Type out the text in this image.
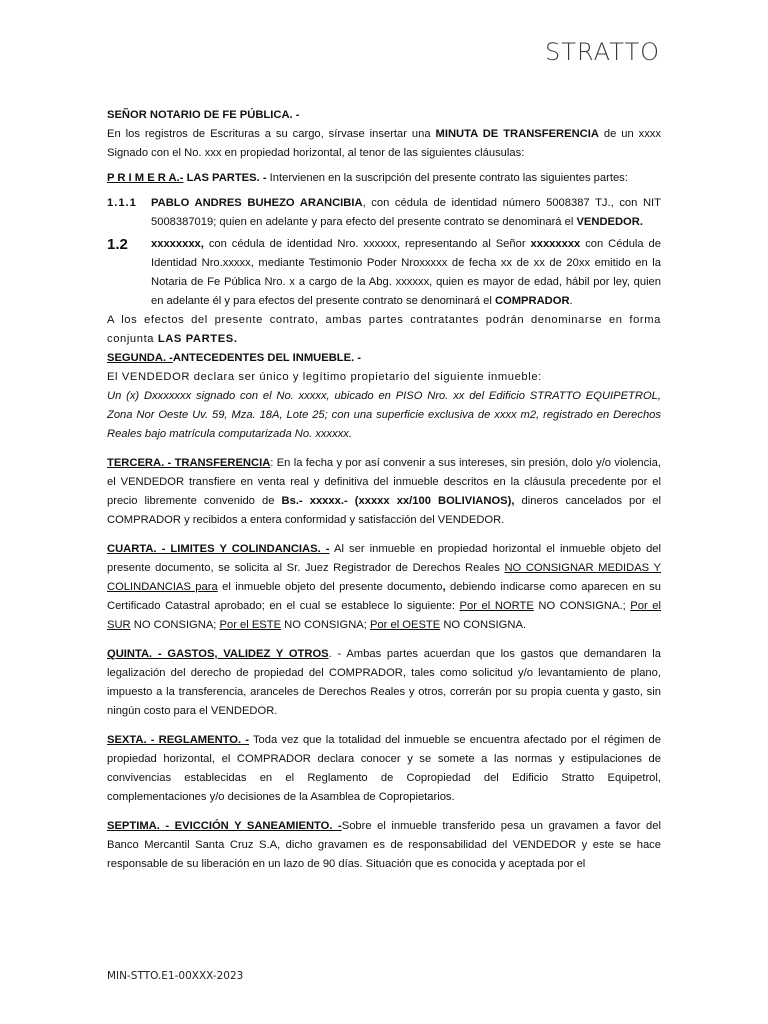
STRATTO

SEÑOR NOTARIO DE FE PÚBLICA. -

En los registros de Escrituras a su cargo, sírvase insertar una MINUTA DE TRANSFERENCIA de un xxxx Signado con el No. xxx en propiedad horizontal, al tenor de las siguientes cláusulas:

P R I M E R A.- LAS PARTES. - Intervienen en la suscripción del presente contrato las siguientes partes:

1.1.1	PABLO ANDRES BUHEZO ARANCIBIA, con cédula de identidad número 5008387 TJ., con NIT 5008387019; quien en adelante y para efecto del presente contrato se denominará el VENDEDOR.

1.2	xxxxxxxx, con cédula de identidad Nro. xxxxxx, representando al Señor xxxxxxxx con Cédula de Identidad Nro.xxxxx, mediante Testimonio Poder Nroxxxxx de fecha xx de xx de 20xx emitido en la Notaria de Fe Pública Nro. x a cargo de la Abg. xxxxxx, quien es mayor de edad, hábil por ley, quien en adelante él y para efectos del presente contrato se denominará el COMPRADOR.

A los efectos del presente contrato, ambas partes contratantes podrán denominarse en forma conjunta LAS PARTES.

SEGUNDA. -ANTECEDENTES DEL INMUEBLE. -

El VENDEDOR declara ser único y legítimo propietario del siguiente inmueble:

Un (x) Dxxxxxxx signado con el No. xxxxx, ubicado en PISO Nro. xx del Edificio STRATTO EQUIPETROL, Zona Nor Oeste Uv. 59, Mza. 18A, Lote 25; con una superficie exclusiva de xxxx m2, registrado en Derechos Reales bajo matrícula computarizada No. xxxxxx.

TERCERA. - TRANSFERENCIA: En la fecha y por así convenir a sus intereses, sin presión, dolo y/o violencia, el VENDEDOR transfiere en venta real y definitiva del inmueble descritos en la cláusula precedente por el precio libremente convenido de Bs.- xxxxx.- (xxxxx xx/100 BOLIVIANOS), dineros cancelados por el COMPRADOR y recibidos a entera conformidad y satisfacción del VENDEDOR.

CUARTA. - LIMITES Y COLINDANCIAS. - Al ser inmueble en propiedad horizontal el inmueble objeto del presente documento, se solicita al Sr. Juez Registrador de Derechos Reales NO CONSIGNAR MEDIDAS Y COLINDANCIAS para el inmueble objeto del presente documento, debiendo indicarse como aparecen en su Certificado Catastral aprobado; en el cual se establece lo siguiente: Por el NORTE NO CONSIGNA.; Por el SUR NO CONSIGNA; Por el ESTE NO CONSIGNA; Por el OESTE NO CONSIGNA.

QUINTA. - GASTOS, VALIDEZ Y OTROS. - Ambas partes acuerdan que los gastos que demandaren la legalización del derecho de propiedad del COMPRADOR, tales como solicitud y/o levantamiento de plano, impuesto a la transferencia, aranceles de Derechos Reales y otros, correrán por su propia cuenta y gasto, sin ningún costo para el VENDEDOR.

SEXTA. - REGLAMENTO. - Toda vez que la totalidad del inmueble se encuentra afectado por el régimen de propiedad horizontal, el COMPRADOR declara conocer y se somete a las normas y estipulaciones de convivencias establecidas en el Reglamento de Copropiedad del Edificio Stratto Equipetrol, complementaciones y/o decisiones de la Asamblea de Copropietarios.

SEPTIMA. - EVICCIÓN Y SANEAMIENTO. -Sobre el inmueble transferido pesa un gravamen a favor del Banco Mercantil Santa Cruz S.A, dicho gravamen es de responsabilidad del VENDEDOR y este se hace responsable de su liberación en un lazo de 90 días. Situación que es conocida y aceptada por el

MIN-STTO.E1-00XXX-2023
